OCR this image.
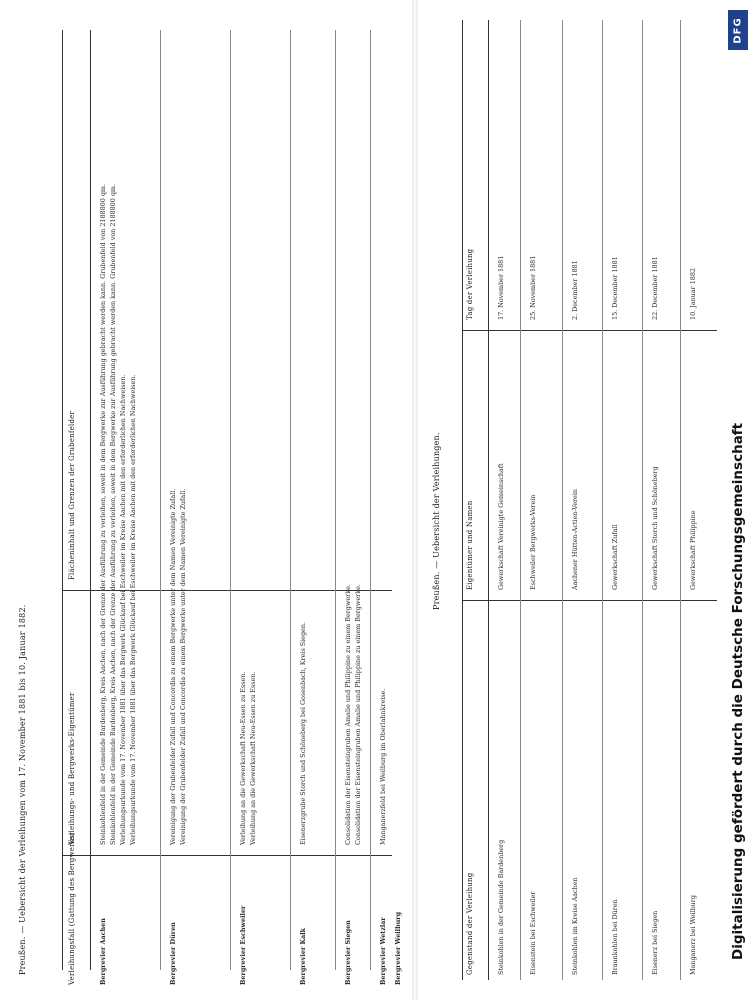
Preußen. — Uebersicht der Verleihungen vom 17. November 1881 bis 10. Januar 1882.	Verleihungsfall (Gattung des Bergwerks)
Verleihungs- und Bergwerks-Eigentümer
Flächeninhalt und Grenzen der Grubenfelder
Bergrevier Aachen
Steinkohlenfeld in der Gemeinde Bardenberg, Kreis Aachen, nach der Grenze der Ausführung zu verleihen, soweit in dem Bergwerke zur Ausführung gebracht werden kann. Grubenfeld von 2188800 qm. Steinkohlenfeld in der Gemeinde Bardenberg, Kreis Aachen, nach der Grenze der Ausführung zu verleihen, soweit in dem Bergwerke zur Ausführung gebracht werden kann. Grubenfeld von 2188800 qm. Verleihungsurkunde vom 17. November 1881 über das Bergwerk Glückauf bei Eschweiler im Kreise Aachen mit den erforderlichen Nachweisen. Verleihungsurkunde vom 17. November 1881 über das Bergwerk Glückauf bei Eschweiler im Kreise Aachen mit den erforderlichen Nachweisen.
Bergrevier Düren
Vereinigung der Grubenfelder Zufall und Concordia zu einem Bergwerke unter dem Namen Vereinigte Zufall. Vereinigung der Grubenfelder Zufall und Concordia zu einem Bergwerke unter dem Namen Vereinigte Zufall.
Bergrevier Eschweiler
Verleihung an die Gewerkschaft Neu-Essen zu Essen. Verleihung an die Gewerkschaft Neu-Essen zu Essen.
Bergrevier Kalk
Eisenerzgrube Storch und Schöneberg bei Gosenbach, Kreis Siegen.
Bergrevier Siegen
Consolidation der Eisensteingruben Amalie und Philippine zu einem Bergwerke. Consolidation der Eisensteingruben Amalie und Philippine zu einem Bergwerke.
Bergrevier Wetzlar
Manganerzfeld bei Weilburg im Oberlahnkreise.
Bergrevier Weilburg
Preußen. — Uebersicht der Verleihungen.
Gegenstand der Verleihung
Eigentümer und Namen
Tag der Verleihung
Steinkohlen in der Gemeinde Bardenberg
Gewerkschaft Vereinigte Gemeinschaft
17. November 1881
Eisenstein bei Eschweiler
Eschweiler Bergwerks-Verein
25. November 1881
Steinkohlen im Kreise Aachen
Aachener Hütten-Actien-Verein
2. December 1881
Braunkohlen bei Düren
Gewerkschaft Zufall
15. December 1881
Eisenerz bei Siegen
Gewerkschaft Storch und Schöneberg
22. December 1881
Manganerz bei Weilburg
Gewerkschaft Philippine
10. Januar 1882
DFG
Digitalisierung gefördert durch die Deutsche Forschungsgemeinschaft
